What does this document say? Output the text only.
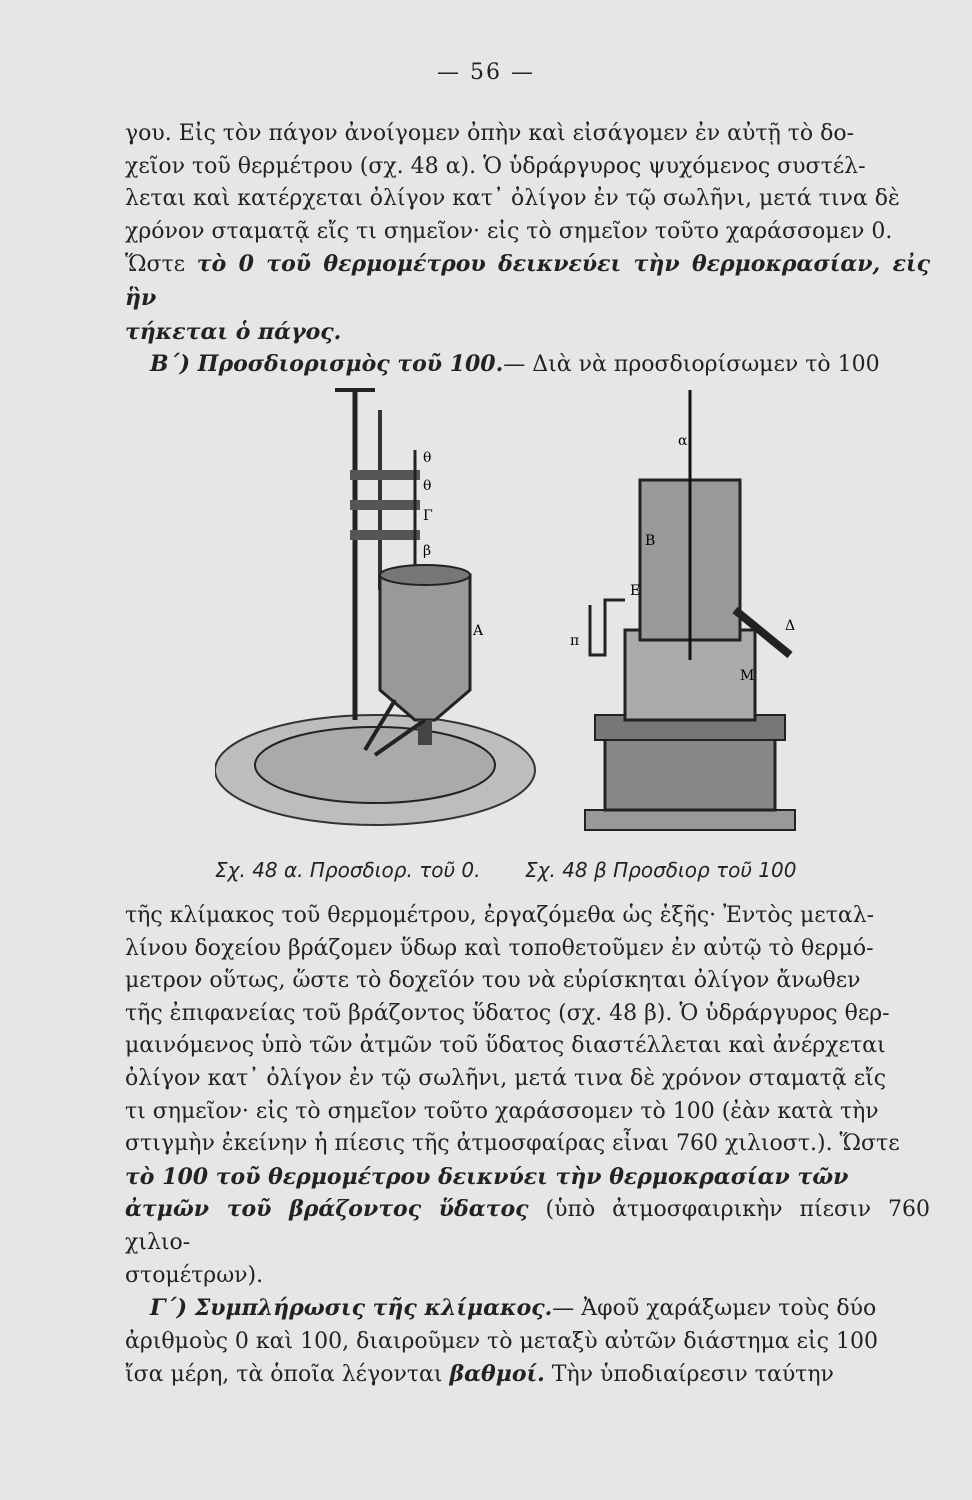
— 56 —

γου. Εἰς τὸν πάγον ἀνοίγομεν ὀπὴν καὶ εἰσάγομεν ἐν αὐτῇ τὸ δο-

χεῖον τοῦ θερμέτρου (σχ. 48 α). Ὁ ὑδράργυρος ψυχόμενος συστέλ-

λεται καὶ κατέρχεται ὀλίγον κατ᾿ ὀλίγον ἐν τῷ σωλῆνι, μετά τινα δὲ

χρόνον σταματᾷ εἴς τι σημεῖον· εἰς τὸ σημεῖον τοῦτο χαράσσομεν 0.

Ὥστε τὸ 0 τοῦ θερμομέτρου δεικνεύει τὴν θερμοκρασίαν, εἰς ἣν

τήκεται ὁ πάγος.

Β΄) Προσδιορισμὸς τοῦ 100.— Διὰ νὰ προσδιορίσωμεν τὸ 100

θ
θ
Γ
β
Α
α
Β
Ε
Δ
π
Μ
Σχ. 48 α. Προσδιορ. τοῦ 0. Σχ. 48 β Προσδιορ τοῦ 100

τῆς κλίμακος τοῦ θερμομέτρου, ἐργαζόμεθα ὡς ἑξῆς· Ἐντὸς μεταλ-

λίνου δοχείου βράζομεν ὕδωρ καὶ τοποθετοῦμεν ἐν αὐτῷ τὸ θερμό-

μετρον οὕτως, ὥστε τὸ δοχεῖόν του νὰ εὑρίσκηται ὀλίγον ἄνωθεν

τῆς ἐπιφανείας τοῦ βράζοντος ὕδατος (σχ. 48 β). Ὁ ὑδράργυρος θερ-

μαινόμενος ὑπὸ τῶν ἀτμῶν τοῦ ὕδατος διαστέλλεται καὶ ἀνέρχεται

ὀλίγον κατ᾿ ὀλίγον ἐν τῷ σωλῆνι, μετά τινα δὲ χρόνον σταματᾷ εἴς

τι σημεῖον· εἰς τὸ σημεῖον τοῦτο χαράσσομεν τὸ 100 (ἐὰν κατὰ τὴν

στιγμὴν ἐκείνην ἡ πίεσις τῆς ἀτμοσφαίρας εἶναι 760 χιλιοστ.). Ὥστε

τὸ 100 τοῦ θερμομέτρου δεικνύει τὴν θερμοκρασίαν τῶν

ἀτμῶν τοῦ βράζοντος ὕδατος (ὑπὸ ἀτμοσφαιρικὴν πίεσιν 760 χιλιο-

στομέτρων).

Γ΄) Συμπλήρωσις τῆς κλίμακος.— Ἀφοῦ χαράξωμεν τοὺς δύο

ἀριθμοὺς 0 καὶ 100, διαιροῦμεν τὸ μεταξὺ αὐτῶν διάστημα εἰς 100

ἴσα μέρη, τὰ ὁποῖα λέγονται βαθμοί. Τὴν ὑποδιαίρεσιν ταύτην
